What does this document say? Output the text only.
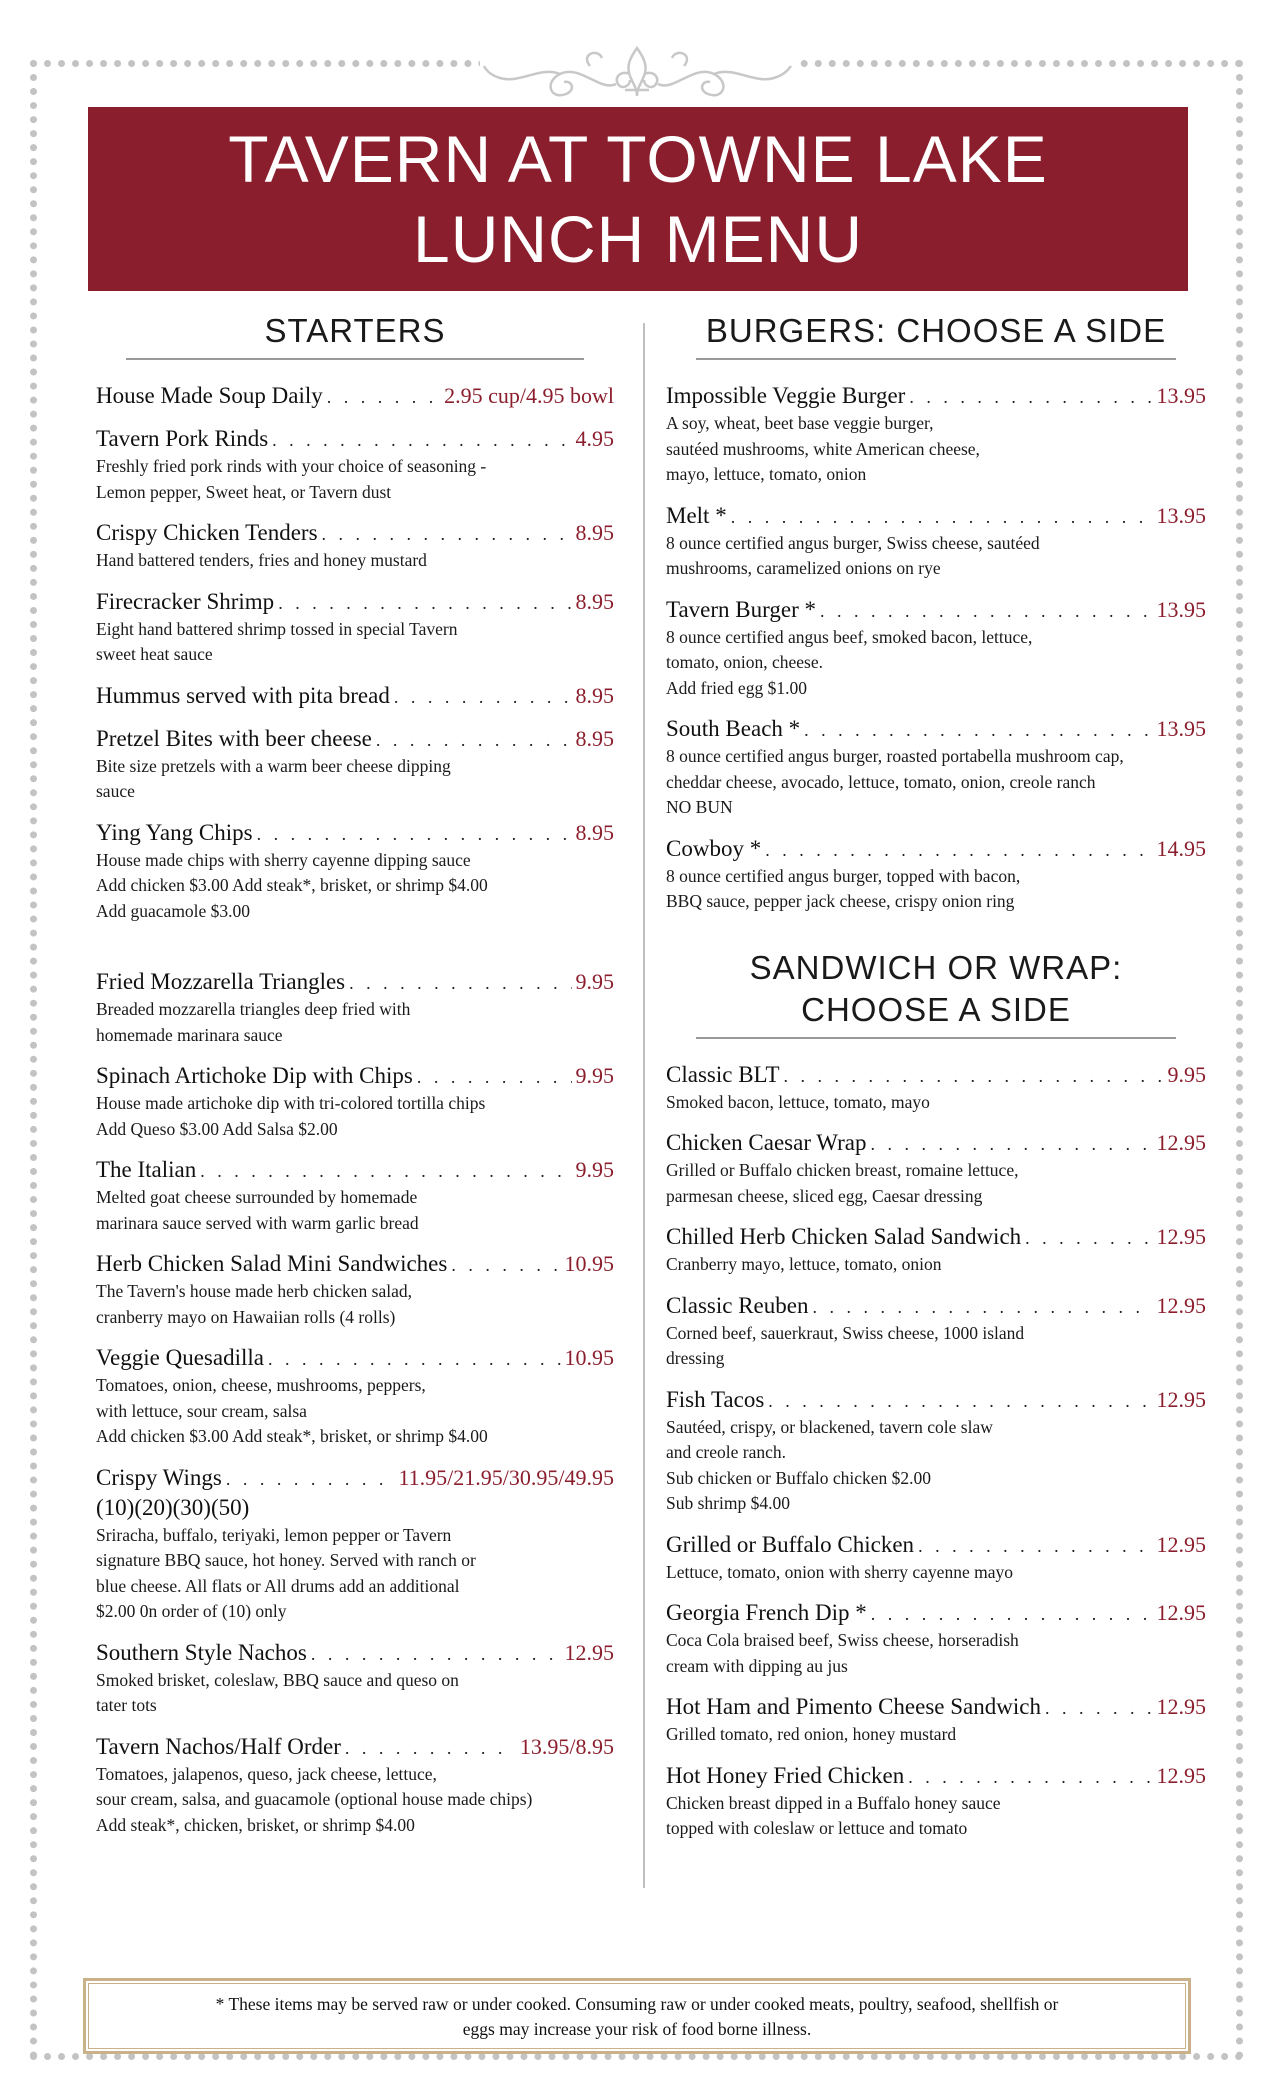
TAVERN AT TOWNE LAKE
LUNCH MENU
STARTERS
House Made Soup Daily . . .	2.95 cup/4.95 bowl
Tavern Pork Rinds . . .	4.95
Freshly fried pork rinds with your choice of seasoning -
Lemon pepper, Sweet heat, or Tavern dust
Crispy Chicken Tenders . . .	8.95
Hand battered tenders, fries and honey mustard
Firecracker Shrimp . . .	8.95
Eight hand battered shrimp tossed in special Tavern
sweet heat sauce
Hummus served with pita bread . . .	8.95
Pretzel Bites with beer cheese . . .	8.95
Bite size pretzels with a warm beer cheese dipping
sauce
Ying Yang Chips . . .	8.95
House made chips with sherry cayenne dipping sauce
Add chicken $3.00 Add steak*, brisket, or shrimp $4.00
Add guacamole $3.00
Fried Mozzarella Triangles . . .	9.95
Breaded mozzarella triangles deep fried with
homemade marinara sauce
Spinach Artichoke Dip with Chips . . .	9.95
House made artichoke dip with tri-colored tortilla chips
Add Queso $3.00 Add Salsa $2.00
The Italian . . .	9.95
Melted goat cheese surrounded by homemade
marinara sauce served with warm garlic bread
Herb Chicken Salad Mini Sandwiches . . .	10.95
The Tavern's house made herb chicken salad,
cranberry mayo on Hawaiian rolls (4 rolls)
Veggie Quesadilla . . .	10.95
Tomatoes, onion, cheese, mushrooms, peppers,
with lettuce, sour cream, salsa
Add chicken $3.00 Add steak*, brisket, or shrimp $4.00
Crispy Wings . . .	11.95/21.95/30.95/49.95
(10)(20)(30)(50)
Sriracha, buffalo, teriyaki, lemon pepper or Tavern
signature BBQ sauce, hot honey. Served with ranch or
blue cheese. All flats or All drums add an additional
$2.00 0n order of (10) only
Southern Style Nachos . . .	12.95
Smoked brisket, coleslaw, BBQ sauce and queso on
tater tots
Tavern Nachos/Half Order . . .	13.95/8.95
Tomatoes, jalapenos, queso, jack cheese, lettuce,
sour cream, salsa, and guacamole (optional house made chips)
Add steak*, chicken, brisket, or shrimp $4.00
BURGERS: CHOOSE A SIDE
Impossible Veggie Burger . . .	13.95
A soy, wheat, beet base veggie burger,
sautéed mushrooms, white American cheese,
mayo, lettuce, tomato, onion
Melt * . . .	13.95
8 ounce certified angus burger, Swiss cheese, sautéed
mushrooms, caramelized onions on rye
Tavern Burger * . . .	13.95
8 ounce certified angus beef, smoked bacon, lettuce,
tomato, onion, cheese.
Add fried egg $1.00
South Beach * . . .	13.95
8 ounce certified angus burger, roasted portabella mushroom cap,
cheddar cheese, avocado, lettuce, tomato, onion, creole ranch
NO BUN
Cowboy * . . .	14.95
8 ounce certified angus burger, topped with bacon,
BBQ sauce, pepper jack cheese, crispy onion ring
SANDWICH OR WRAP:
CHOOSE A SIDE
Classic BLT . . .	9.95
Smoked bacon, lettuce, tomato, mayo
Chicken Caesar Wrap . . .	12.95
Grilled or Buffalo chicken breast, romaine lettuce,
parmesan cheese, sliced egg, Caesar dressing
Chilled Herb Chicken Salad Sandwich . . .	12.95
Cranberry mayo, lettuce, tomato, onion
Classic Reuben . . .	12.95
Corned beef, sauerkraut, Swiss cheese, 1000 island
dressing
Fish Tacos . . .	12.95
Sautéed, crispy, or blackened, tavern cole slaw
and creole ranch.
Sub chicken or Buffalo chicken $2.00
Sub shrimp $4.00
Grilled or Buffalo Chicken . . .	12.95
Lettuce, tomato, onion with sherry cayenne mayo
Georgia French Dip * . . .	12.95
Coca Cola braised beef, Swiss cheese, horseradish
cream with dipping au jus
Hot Ham and Pimento Cheese Sandwich . . .	12.95
Grilled tomato, red onion, honey mustard
Hot Honey Fried Chicken . . .	12.95
Chicken breast dipped in a Buffalo honey sauce
topped with coleslaw or lettuce and tomato
* These items may be served raw or under cooked. Consuming raw or under cooked meats, poultry, seafood, shellfish or
eggs may increase your risk of food borne illness.
